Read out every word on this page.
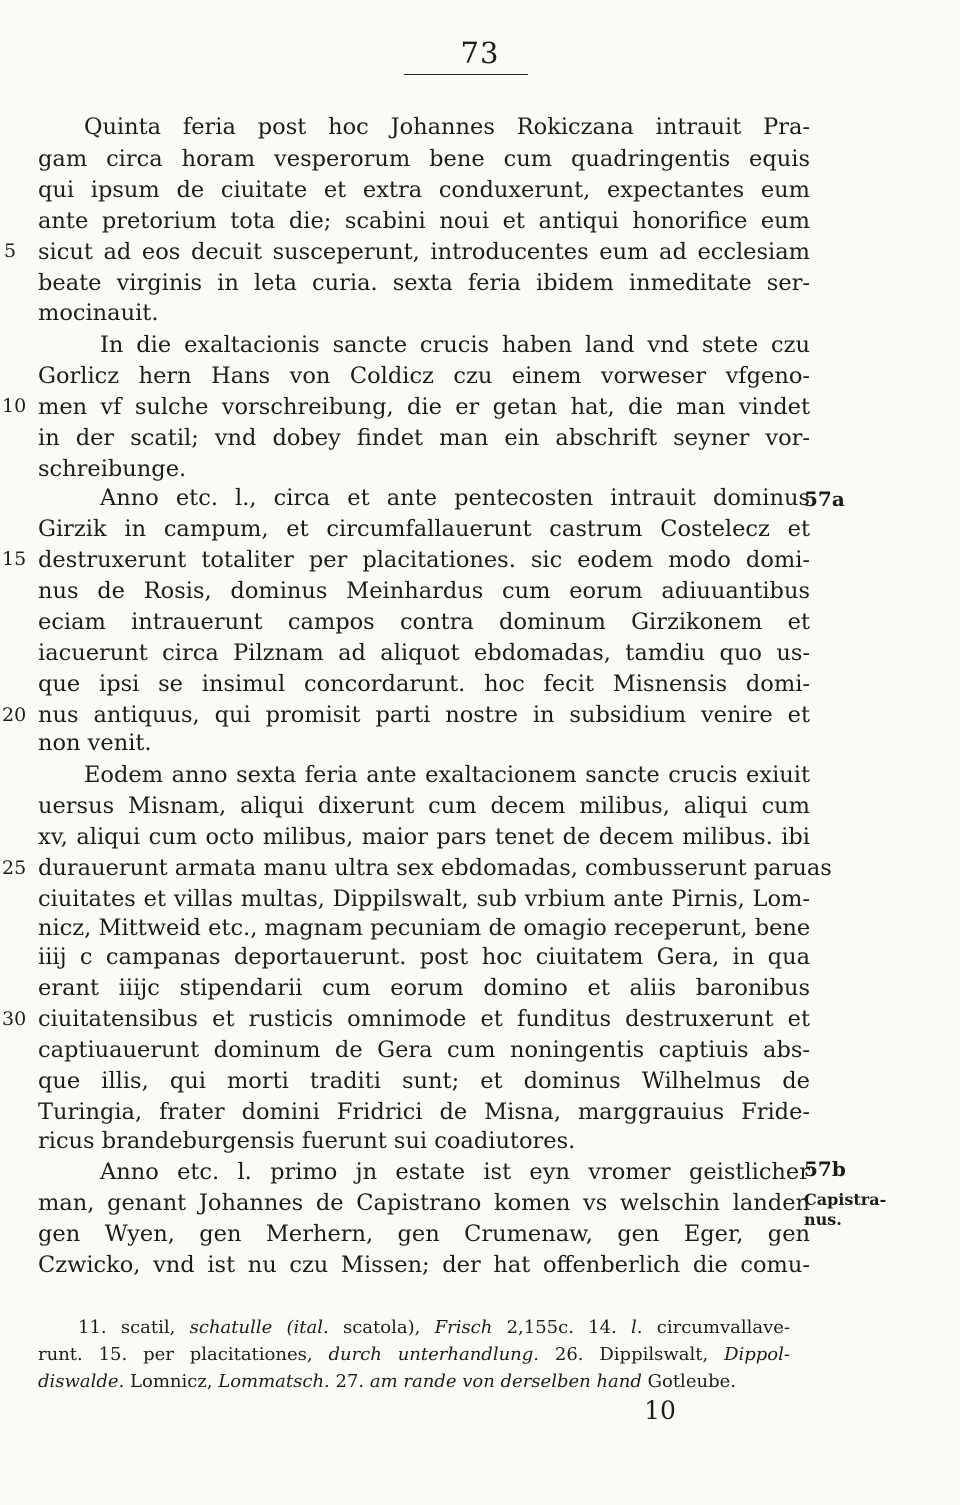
73
Quinta feria post hoc Johannes Rokiczana intrauit Pra-
gam circa horam vesperorum bene cum quadringentis equis
qui ipsum de ciuitate et extra conduxerunt, expectantes eum
ante pretorium tota die; scabini noui et antiqui honorifice eum
sicut ad eos decuit susceperunt, introducentes eum ad ecclesiam
beate virginis in leta curia. sexta feria ibidem inmeditate ser-
mocinauit.
In die exaltacionis sancte crucis haben land vnd stete czu
Gorlicz hern Hans von Coldicz czu einem vorweser vfgeno-
men vf sulche vorschreibung, die er getan hat, die man vindet
in der scatil; vnd dobey findet man ein abschrift seyner vor-
schreibunge.
Anno etc. l., circa et ante pentecosten intrauit dominus
Girzik in campum, et circumfallauerunt castrum Costelecz et
destruxerunt totaliter per placitationes. sic eodem modo domi-
nus de Rosis, dominus Meinhardus cum eorum adiuuantibus
eciam intrauerunt campos contra dominum Girzikonem et
iacuerunt circa Pilznam ad aliquot ebdomadas, tamdiu quo us-
que ipsi se insimul concordarunt. hoc fecit Misnensis domi-
nus antiquus, qui promisit parti nostre in subsidium venire et
non venit.
Eodem anno sexta feria ante exaltacionem sancte crucis exiuit
uersus Misnam, aliqui dixerunt cum decem milibus, aliqui cum
xv, aliqui cum octo milibus, maior pars tenet de decem milibus. ibi
durauerunt armata manu ultra sex ebdomadas, combusserunt paruas
ciuitates et villas multas, Dippilswalt, sub vrbium ante Pirnis, Lom-
nicz, Mittweid etc., magnam pecuniam de omagio receperunt, bene
iiij c campanas deportauerunt. post hoc ciuitatem Gera, in qua
erant iiijc stipendarii cum eorum domino et aliis baronibus
ciuitatensibus et rusticis omnimode et funditus destruxerunt et
captiuauerunt dominum de Gera cum noningentis captiuis abs-
que illis, qui morti traditi sunt; et dominus Wilhelmus de
Turingia, frater domini Fridrici de Misna, marggrauius Fride-
ricus brandeburgensis fuerunt sui coadiutores.
Anno etc. l. primo jn estate ist eyn vromer geistlicher
man, genant Johannes de Capistrano komen vs welschin landen
gen Wyen, gen Merhern, gen Crumenaw, gen Eger, gen
Czwicko, vnd ist nu czu Missen; der hat offenberlich die comu-
5
10
15
20
25
30
57a
57b
Capistra-
nus.
11. scatil, schatulle (ital. scatola), Frisch 2,155c. 14. l. circumvallave-
runt. 15. per placitationes, durch unterhandlung. 26. Dippilswalt, Dippol-
diswalde. Lomnicz, Lommatsch. 27. am rande von derselben hand Gotleube.
10
